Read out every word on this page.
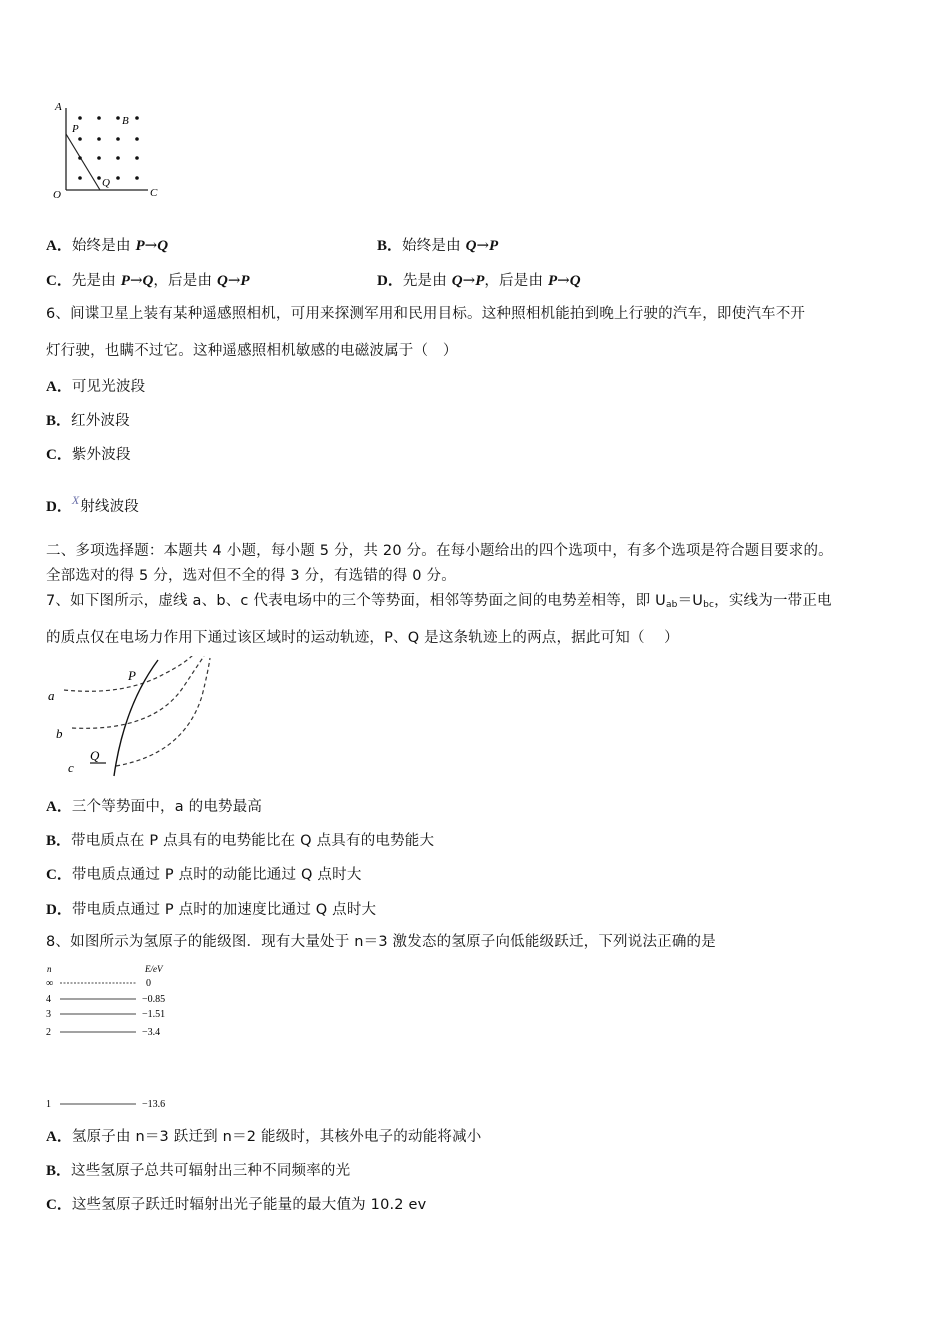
A
B
P
Q
O	C
A．始终是由 P→Q	B．始终是由 Q→P
C．先是由 P→Q，后是由 Q→P	D．先是由 Q→P，后是由 P→Q
6、间谍卫星上装有某种遥感照相机，可用来探测军用和民用目标。这种照相机能拍到晚上行驶的汽车，即使汽车不开
灯行驶，也瞒不过它。这种遥感照相机敏感的电磁波属于（　）
A．可见光波段
B．红外波段
C．紫外波段
D．$^X$射线波段
二、多项选择题：本题共 4 小题，每小题 5 分，共 20 分。在每小题给出的四个选项中，有多个选项是符合题目要求的。
全部选对的得 5 分，选对但不全的得 3 分，有选错的得 0 分。
7、如下图所示，虚线 a、b、c 代表电场中的三个等势面，相邻等势面之间的电势差相等，即 $U_{ab}=U_{bc}$，实线为一带正电
的质点仅在电场力作用下通过该区域时的运动轨迹，P、Q 是这条轨迹上的两点，据此可知（　 ）
P
Q
a
b
c
A．三个等势面中，a 的电势最高
B．带电质点在 P 点具有的电势能比在 Q 点具有的电势能大
C．带电质点通过 P 点时的动能比通过 Q 点时大
D．带电质点通过 P 点时的加速度比通过 Q 点时大
8、如图所示为氢原子的能级图．现有大量处于 n＝3 激发态的氢原子向低能级跃迁，下列说法正确的是
n	E/eV
∞
4
3
2
1
0
−0.85
−1.51
−3.4
−13.6
A．氢原子由 n＝3 跃迁到 n＝2 能级时，其核外电子的动能将减小
B．这些氢原子总共可辐射出三种不同频率的光
C．这些氢原子跃迁时辐射出光子能量的最大值为 10.2 ev
